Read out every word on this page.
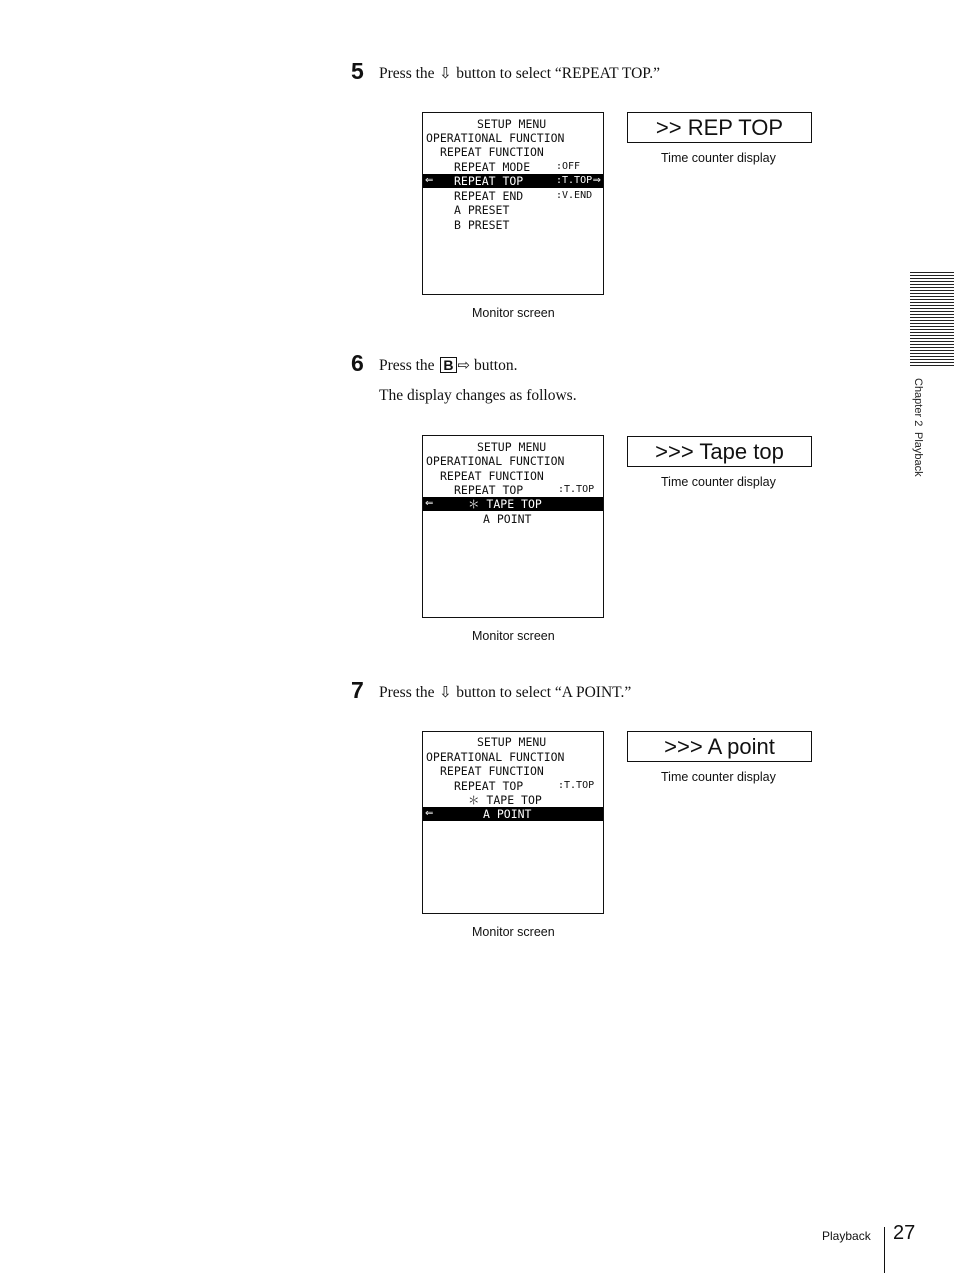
5 Press the ⇩ button to select “REPEAT TOP.”
SETUP MENU
OPERATIONAL FUNCTION
REPEAT FUNCTION
REPEAT MODE	:OFF
⇐ REPEAT TOP	:T.TOP ⇒
REPEAT END	:V.END
A PRESET
B PRESET
Monitor screen
>> REP TOP
Time counter display
6 Press the B ⇨ button.
The display changes as follows.
SETUP MENU
OPERATIONAL FUNCTION
REPEAT FUNCTION
REPEAT TOP	:T.TOP
⇐	＊ TAPE TOP
A POINT
Monitor screen
>>> Tape top
Time counter display
7 Press the ⇩ button to select “A POINT.”
SETUP MENU
OPERATIONAL FUNCTION
REPEAT FUNCTION
REPEAT TOP	:T.TOP
＊ TAPE TOP
⇐	A POINT
Monitor screen
>>> A point
Time counter display
Chapter 2  Playback
Playback 27
